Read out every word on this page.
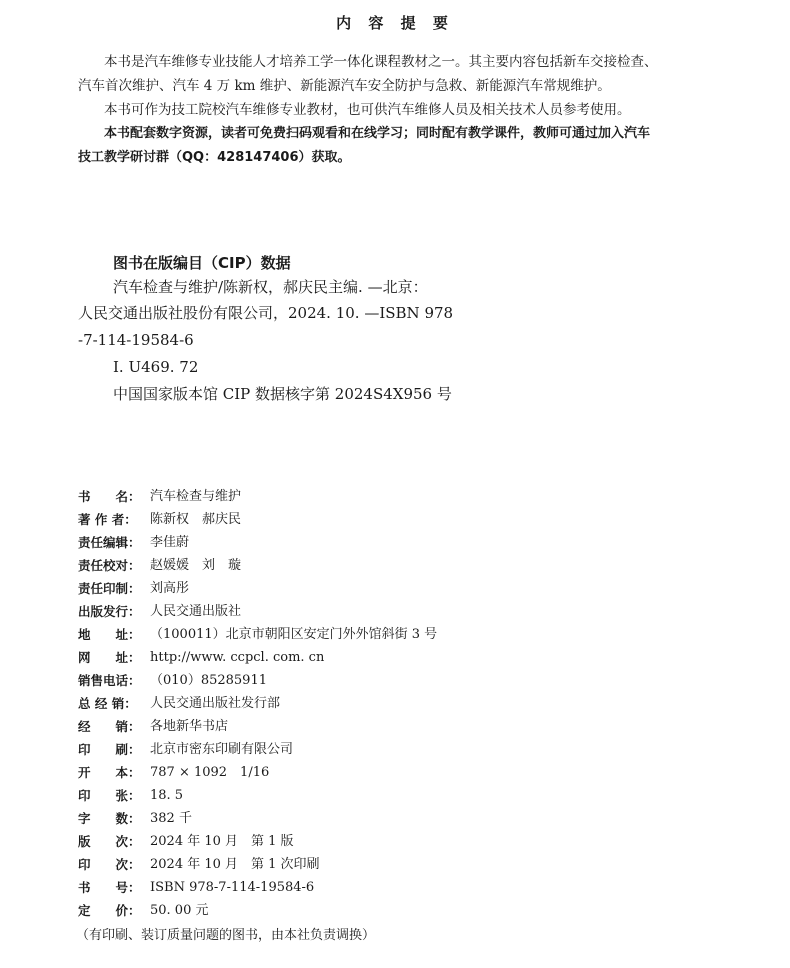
内 容 提 要
本书是汽车维修专业技能人才培养工学一体化课程教材之一。其主要内容包括新车交接检查、
汽车首次维护、汽车 4 万 km 维护、新能源汽车安全防护与急救、新能源汽车常规维护。
本书可作为技工院校汽车维修专业教材，也可供汽车维修人员及相关技术人员参考使用。
本书配套数字资源，读者可免费扫码观看和在线学习；同时配有教学课件，教师可通过加入汽车
技工教学研讨群（QQ：428147406）获取。
图书在版编目（CIP）数据
汽车检查与维护/陈新权，郝庆民主编. —北京：
人民交通出版社股份有限公司，2024. 10. —ISBN 978
-7-114-19584-6
Ⅰ. U469. 72
中国国家版本馆 CIP 数据核字第 2024S4X956 号
书　　名： 汽车检查与维护
著 作 者：	陈新权　郝庆民
责任编辑： 李佳蔚
责任校对： 赵媛媛　刘　璇
责任印制： 刘高彤
出版发行： 人民交通出版社
地　　址： （100011）北京市朝阳区安定门外外馆斜街 3 号
网　　址： http://www. ccpcl. com. cn
销售电话： （010）85285911
总 经 销：	人民交通出版社发行部
经　　销： 各地新华书店
印　　刷： 北京市密东印刷有限公司
开　　本： 787 × 1092　1/16
印　　张： 18. 5
字　　数： 382 千
版　　次： 2024 年 10 月　第 1 版
印　　次： 2024 年 10 月　第 1 次印刷
书　　号： ISBN 978-7-114-19584-6
定　　价： 50. 00 元
（有印刷、装订质量问题的图书，由本社负责调换）
